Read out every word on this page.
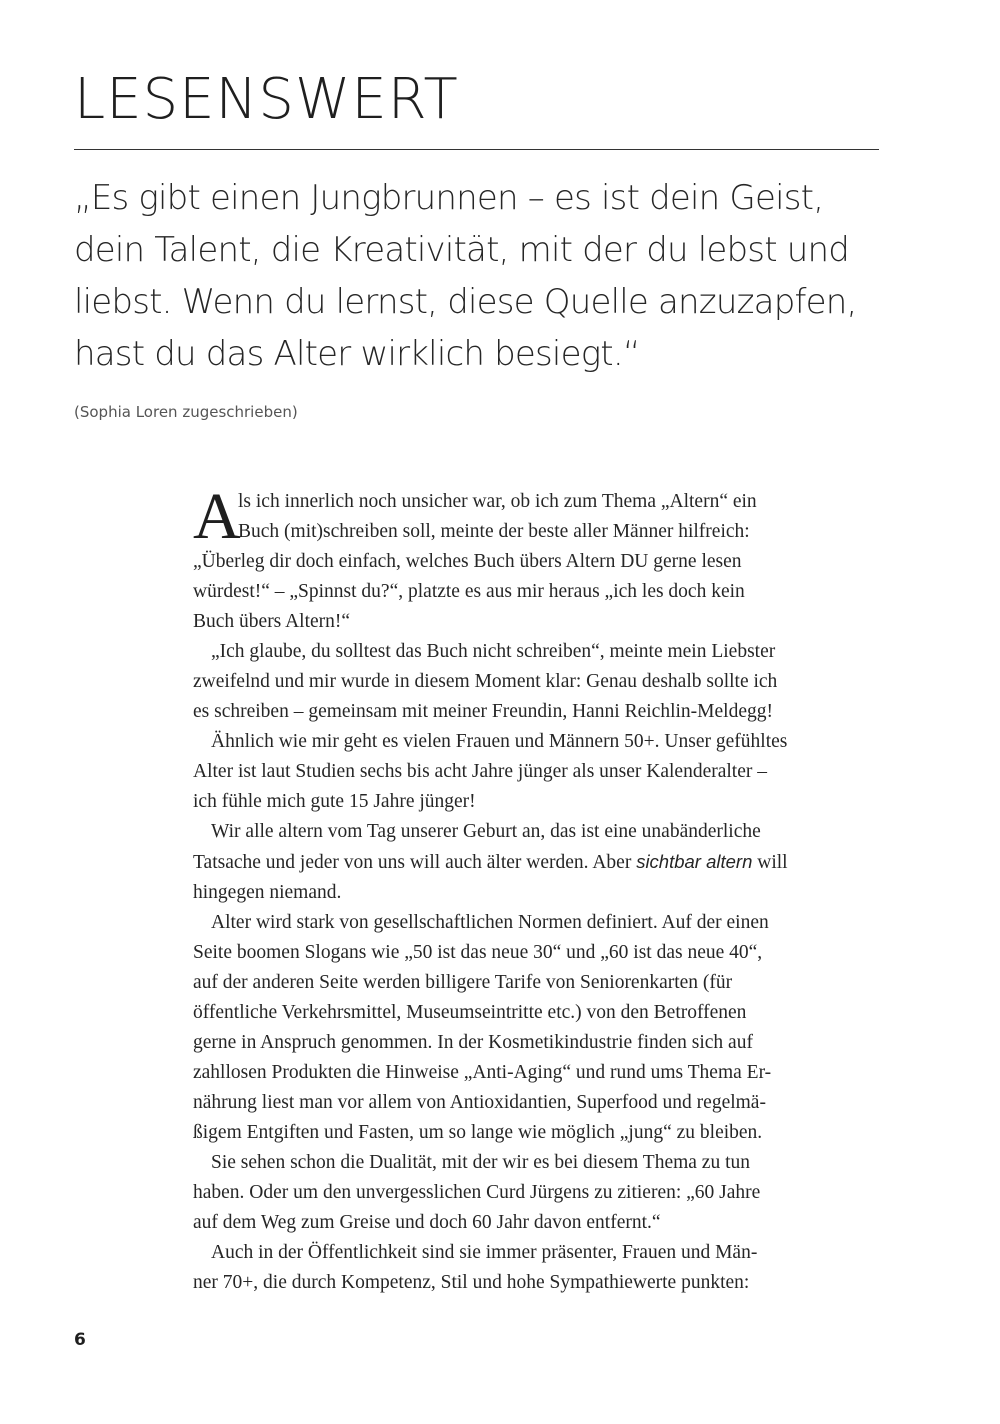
LESENSWERT
„Es gibt einen Jungbrunnen – es ist dein Geist,
dein Talent, die Kreativität, mit der du lebst und
liebst. Wenn du lernst, diese Quelle anzuzapfen,
hast du das Alter wirklich besiegt.“

(Sophia Loren zugeschrieben)

A
ls ich innerlich noch unsicher war, ob ich zum Thema „Altern“ ein
Buch (mit)schreiben soll, meinte der beste aller Männer hilfreich:
„Überleg dir doch einfach, welches Buch übers Altern DU gerne lesen
würdest!“ – „Spinnst du?“, platzte es aus mir heraus „ich les doch kein
Buch übers Altern!“
„Ich glaube, du solltest das Buch nicht schreiben“, meinte mein Liebster
zweifelnd und mir wurde in diesem Moment klar: Genau deshalb sollte ich
es schreiben – gemeinsam mit meiner Freundin, Hanni Reichlin-Meldegg!
Ähnlich wie mir geht es vielen Frauen und Männern 50+. Unser gefühltes
Alter ist laut Studien sechs bis acht Jahre jünger als unser Kalenderalter –
ich fühle mich gute 15 Jahre jünger!
Wir alle altern vom Tag unserer Geburt an, das ist eine unabänderliche
Tatsache und jeder von uns will auch älter werden. Aber sichtbar altern will
hingegen niemand.
Alter wird stark von gesellschaftlichen Normen definiert. Auf der einen
Seite boomen Slogans wie „50 ist das neue 30“ und „60 ist das neue 40“,
auf der anderen Seite werden billigere Tarife von Seniorenkarten (für
öffentliche Verkehrsmittel, Museumseintritte etc.) von den Betroffenen
gerne in Anspruch genommen. In der Kosmetikindustrie finden sich auf
zahllosen Produkten die Hinweise „Anti-Aging“ und rund ums Thema Er-
nährung liest man vor allem von Antioxidantien, Superfood und regelmä-
ßigem Entgiften und Fasten, um so lange wie möglich „jung“ zu bleiben.
Sie sehen schon die Dualität, mit der wir es bei diesem Thema zu tun
haben. Oder um den unvergesslichen Curd Jürgens zu zitieren: „60 Jahre
auf dem Weg zum Greise und doch 60 Jahr davon entfernt.“
Auch in der Öffentlichkeit sind sie immer präsenter, Frauen und Män-
ner 70+, die durch Kompetenz, Stil und hohe Sympathiewerte punkten:

6
